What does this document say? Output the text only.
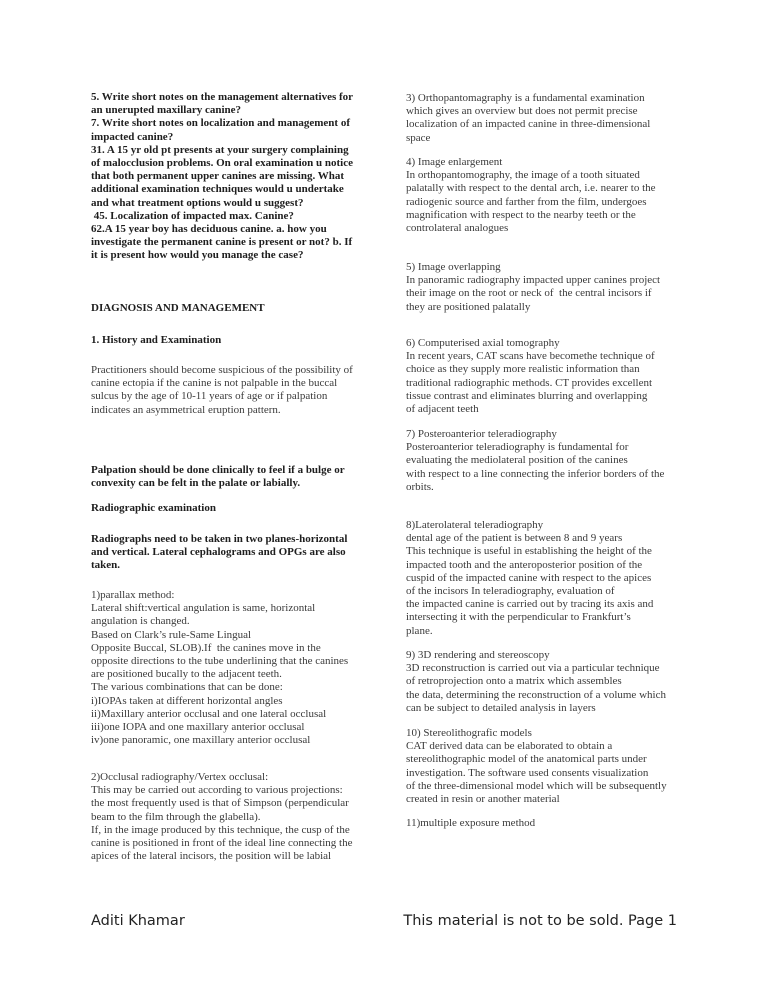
5. Write short notes on the management alternatives for
an unerupted maxillary canine?
7. Write short notes on localization and management of
impacted canine?
31. A 15 yr old pt presents at your surgery complaining
of malocclusion problems. On oral examination u notice
that both permanent upper canines are missing. What
additional examination techniques would u undertake
and what treatment options would u suggest?
45. Localization of impacted max. Canine?
62.A 15 year boy has deciduous canine. a. how you
investigate the permanent canine is present or not? b. If
it is present how would you manage the case?

DIAGNOSIS AND MANAGEMENT

1. History and Examination

Practitioners should become suspicious of the possibility of
canine ectopia if the canine is not palpable in the buccal
sulcus by the age of 10-11 years of age or if palpation
indicates an asymmetrical eruption pattern.

Palpation should be done clinically to feel if a bulge or
convexity can be felt in the palate or labially.

Radiographic examination

Radiographs need to be taken in two planes-horizontal
and vertical. Lateral cephalograms and OPGs are also
taken.

1)parallax method:
Lateral shift:vertical angulation is same, horizontal
angulation is changed.
Based on Clark’s rule-Same Lingual
Opposite Buccal, SLOB).If  the canines move in the
opposite directions to the tube underlining that the canines
are positioned bucally to the adjacent teeth.
The various combinations that can be done:
i)IOPAs taken at different horizontal angles
ii)Maxillary anterior occlusal and one lateral occlusal
iii)one IOPA and one maxillary anterior occlusal
iv)one panoramic, one maxillary anterior occlusal

2)Occlusal radiography/Vertex occlusal:
This may be carried out according to various projections:
the most frequently used is that of Simpson (perpendicular
beam to the film through the glabella).
If, in the image produced by this technique, the cusp of the
canine is positioned in front of the ideal line connecting the
apices of the lateral incisors, the position will be labial

3) Orthopantomagraphy is a fundamental examination
which gives an overview but does not permit precise
localization of an impacted canine in three-dimensional
space

4) Image enlargement
In orthopantomography, the image of a tooth situated
palatally with respect to the dental arch, i.e. nearer to the
radiogenic source and farther from the film, undergoes
magnification with respect to the nearby teeth or the
controlateral analogues

5) Image overlapping
In panoramic radiography impacted upper canines project
their image on the root or neck of  the central incisors if
they are positioned palatally

6) Computerised axial tomography
In recent years, CAT scans have becomethe technique of
choice as they supply more realistic information than
traditional radiographic methods. CT provides excellent
tissue contrast and eliminates blurring and overlapping
of adjacent teeth

7) Posteroanterior teleradiography
Posteroanterior teleradiography is fundamental for
evaluating the mediolateral position of the canines
with respect to a line connecting the inferior borders of the
orbits.

8)Laterolateral teleradiography
dental age of the patient is between 8 and 9 years
This technique is useful in establishing the height of the
impacted tooth and the anteroposterior position of the
cuspid of the impacted canine with respect to the apices
of the incisors In teleradiography, evaluation of
the impacted canine is carried out by tracing its axis and
intersecting it with the perpendicular to Frankfurt’s
plane.

9) 3D rendering and stereoscopy
3D reconstruction is carried out via a particular technique
of retroprojection onto a matrix which assembles
the data, determining the reconstruction of a volume which
can be subject to detailed analysis in layers

10) Stereolithografic models
CAT derived data can be elaborated to obtain a
stereolithographic model of the anatomical parts under
investigation. The software used consents visualization
of the three-dimensional model which will be subsequently
created in resin or another material

11)multiple exposure method

Aditi Khamar	This material is not to be sold. Page 1
